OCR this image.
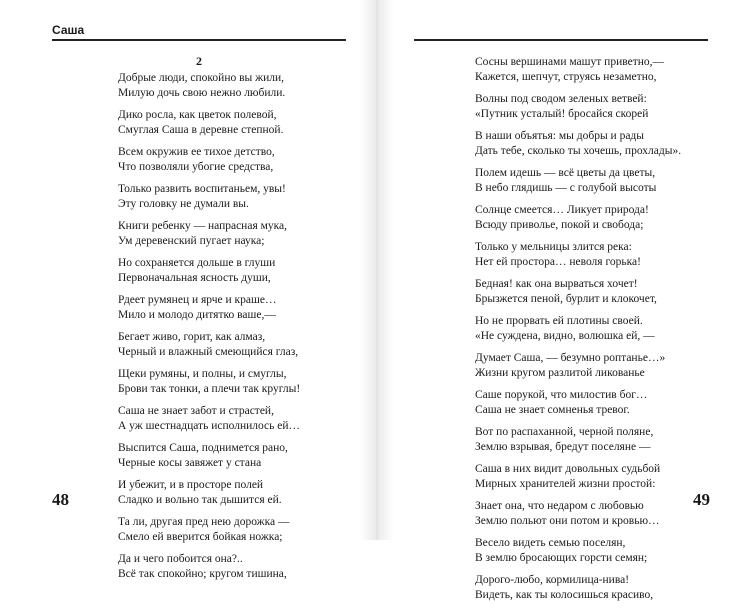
Саша
2
Добрые люди, спокойно вы жили,
Милую дочь свою нежно любили.
Дико росла, как цветок полевой,
Смуглая Саша в деревне степной.
Всем окружив ее тихое детство,
Что позволяли убогие средства,
Только развить воспитаньем, увы!
Эту головку не думали вы.
Книги ребенку — напрасная мука,
Ум деревенский пугает наука;
Но сохраняется дольше в глуши
Первоначальная ясность души,
Рдеет румянец и ярче и краше…
Мило и молодо дитятко ваше,—
Бегает живо, горит, как алмаз,
Черный и влажный смеющийся глаз,
Щеки румяны, и полны, и смуглы,
Брови так тонки, а плечи так круглы!
Саша не знает забот и страстей,
А уж шестнадцать исполнилось ей…
Выспится Саша, поднимется рано,
Черные косы завяжет у стана
И убежит, и в просторе полей
Сладко и вольно так дышится ей.
Та ли, другая пред нею дорожка —
Смело ей вверится бойкая ножка;
Да и чего побоится она?..
Всё так спокойно; кругом тишина,
48
Сосны вершинами машут приветно,—
Кажется, шепчут, струясь незаметно,
Волны под сводом зеленых ветвей:
«Путник усталый! бросайся скорей
В наши объятья: мы добры и рады
Дать тебе, сколько ты хочешь, прохлады».
Полем идешь — всё цветы да цветы,
В небо глядишь — с голубой высоты
Солнце смеется… Ликует природа!
Всюду приволье, покой и свобода;
Только у мельницы злится река:
Нет ей простора… неволя горька!
Бедная! как она вырваться хочет!
Брызжется пеной, бурлит и клокочет,
Но не прорвать ей плотины своей.
«Не суждена, видно, волюшка ей, —
Думает Саша, — безумно роптанье…»
Жизни кругом разлитой ликованье
Саше порукой, что милостив бог…
Саша не знает сомненья тревог.
Вот по распаханной, черной поляне,
Землю взрывая, бредут поселяне —
Саша в них видит довольных судьбой
Мирных хранителей жизни простой:
Знает она, что недаром с любовью
Землю польют они потом и кровью…
Весело видеть семью поселян,
В землю бросающих горсти семян;
Дорого-любо, кормилица-нива!
Видеть, как ты колосишься красиво,
49
